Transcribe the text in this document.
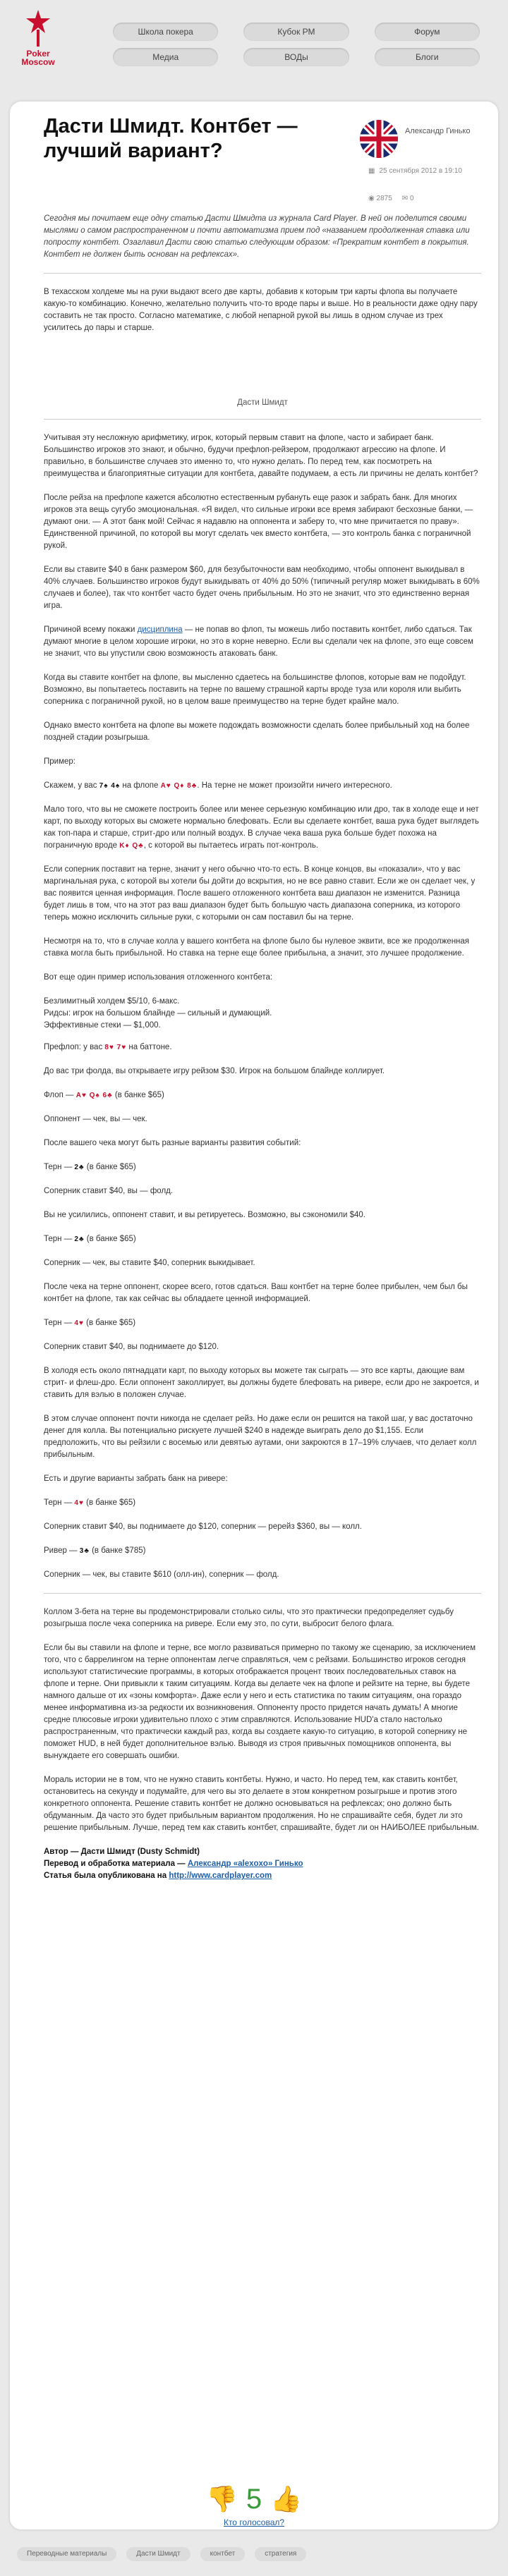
Poker
Moscow
Школа покера	Кубок РМ	Форум
Медиа	ВОДы	Блоги
Дасти Шмидт. Контбет — лучший вариант?
Александр Гинько
▦ 25 сентября 2012 в 19:10
◉ 2875 ✉ 0

Сегодня мы почитаем еще одну статью Дасти Шмидта из журнала Card Player. В ней он поделится своими мыслями о самом распространенном и почти автоматизма прием под «названием продолженная ставка или попросту контбет. Озаглавил Дасти свою статью следующим образом: «Прекратим контбет в покрытия. Контбет не должен быть основан на рефлексах».

В техасском холдеме мы на руки выдают всего две карты, добавив к которым три карты флопа вы получаете какую-то комбинацию. Конечно, желательно получить что-то вроде пары и выше. Но в реальности даже одну пару составить не так просто. Согласно математике, с любой непарной рукой вы лишь в одном случае из трех усилитесь до пары и старше.

Дасти Шмидт

Учитывая эту несложную арифметику, игрок, который первым ставит на флопе, часто и забирает банк. Большинство игроков это знают, и обычно, будучи префлоп-рейзером, продолжают агрессию на флопе. И правильно, в большинстве случаев это именно то, что нужно делать. По перед тем, как посмотреть на преимущества и благоприятные ситуации для контбета, давайте подумаем, а есть ли причины не делать контбет?

После рейза на префлопе кажется абсолютно естественным рубануть еще разок и забрать банк. Для многих игроков эта вещь сугубо эмоциональная. «Я видел, что сильные игроки все время забирают бесхозные банки, — думают они. — А этот банк мой! Сейчас я надавлю на оппонента и заберу то, что мне причитается по праву». Единственной причиной, по которой вы могут сделать чек вместо контбета, — это контроль банка с пограничной рукой.

Если вы ставите $40 в банк размером $60, для безубыточности вам необходимо, чтобы оппонент выкидывал в 40% случаев. Большинство игроков будут выкидывать от 40% до 50% (типичный регуляр может выкидывать в 60% случаев и более), так что контбет часто будет очень прибыльным. Но это не значит, что это единственно верная игра.

Причиной всему покажи дисциплина — не попав во флоп, ты можешь либо поставить контбет, либо сдаться. Так думают многие в целом хорошие игроки, но это в корне неверно. Если вы сделали чек на флопе, это еще совсем не значит, что вы упустили свою возможность атаковать банк.

Когда вы ставите контбет на флопе, вы мысленно сдаетесь на большинстве флопов, которые вам не подойдут. Возможно, вы попытаетесь поставить на терне по вашему страшной карты вроде туза или короля или выбить соперника с пограничной рукой, но в целом ваше преимущество на терне будет крайне мало.

Однако вместо контбета на флопе вы можете подождать возможности сделать более прибыльный ход на более поздней стадии розыгрыша.

Пример:

Скажем, у вас 7♠ 4♠ на флопе A♥ Q♦ 8♣. На терне не может произойти ничего интересного.

Мало того, что вы не сможете построить более или менее серьезную комбинацию или дро, так в холоде еще и нет карт, по выходу которых вы сможете нормально блефовать. Если вы сделаете контбет, ваша рука будет выглядеть как топ-пара и старше, стрит-дро или полный воздух. В случае чека ваша рука больше будет похожа на пограничную вроде K♦ Q♣, с которой вы пытаетесь играть пот-контроль.

Если соперник поставит на терне, значит у него обычно что-то есть. В конце концов, вы «показали», что у вас маргинальная рука, с которой вы хотели бы дойти до вскрытия, но не все равно ставит. Если же он сделает чек, у вас появится ценная информация. После вашего отложенного контбета ваш диапазон не изменится. Разница будет лишь в том, что на этот раз ваш диапазон будет быть большую часть диапазона соперника, из которого теперь можно исключить сильные руки, с которыми он сам поставил бы на терне.

Несмотря на то, что в случае колла у вашего контбета на флопе было бы нулевое эквити, все же продолженная ставка могла быть прибыльной. Но ставка на терне еще более прибыльна, а значит, это лучшее продолжение.

Вот еще один пример использования отложенного контбета:

Безлимитный холдем $5/10, 6-макс.
Ридсы: игрок на большом блайнде — сильный и думающий.
Эффективные стеки — $1,000.

Префлоп: у вас 8♥ 7♥ на баттоне.

До вас три фолда, вы открываете игру рейзом $30. Игрок на большом блайнде коллирует.

Флоп — A♥ Q♠ 6♣ (в банке $65)

Оппонент — чек, вы — чек.

После вашего чека могут быть разные варианты развития событий:

Терн — 2♣ (в банке $65)

Соперник ставит $40, вы — фолд.

Вы не усилились, оппонент ставит, и вы ретируетесь. Возможно, вы сэкономили $40.

Терн — 2♣ (в банке $65)

Соперник — чек, вы ставите $40, соперник выкидывает.

После чека на терне оппонент, скорее всего, готов сдаться. Ваш контбет на терне более прибылен, чем был бы контбет на флопе, так как сейчас вы обладаете ценной информацией.

Терн — 4♥ (в банке $65)

Соперник ставит $40, вы поднимаете до $120.

В холодя есть около пятнадцати карт, по выходу которых вы можете так сыграть — это все карты, дающие вам стрит- и флеш-дро. Если оппонент заколлирует, вы должны будете блефовать на ривере, если дро не закроется, и ставить для вэлью в положен случае.

В этом случае оппонент почти никогда не сделает рейз. Но даже если он решится на такой шаг, у вас достаточно денег для колла. Вы потенциально рискуете лучшей $240 в надежде выиграть дело до $1,155. Если предположить, что вы рейзили с восемью или девятью аутами, они закроются в 17–19% случаев, что делает колл прибыльным.

Есть и другие варианты забрать банк на ривере:

Терн — 4♥ (в банке $65)

Соперник ставит $40, вы поднимаете до $120, соперник — ререйз $360, вы — колл.

Ривер — 3♣ (в банке $785)

Соперник — чек, вы ставите $610 (олл-ин), соперник — фолд.

Коллом 3-бета на терне вы продемонстрировали столько силы, что это практически предопределяет судьбу розыгрыша после чека соперника на ривере. Если ему это, по сути, выбросит белого флага.

Если бы вы ставили на флопе и терне, все могло развиваться примерно по такому же сценарию, за исключением того, что с баррелингом на терне оппонентам легче справляться, чем с рейзами. Большинство игроков сегодня используют статистические программы, в которых отображается процент твоих последовательных ставок на флопе и терне. Они привыкли к таким ситуациям. Когда вы делаете чек на флопе и рейзите на терне, вы будете намного дальше от их «зоны комфорта». Даже если у него и есть статистика по таким ситуациям, она гораздо менее информативна из-за редкости их возникновения. Оппоненту просто придется начать думать! А многие средне плюсовые игроки удивительно плохо с этим справляются. Использование HUD'а стало настолько распространенным, что практически каждый раз, когда вы создаете какую-то ситуацию, в которой сопернику не поможет HUD, в ней будет дополнительное вэлью. Выводя из строя привычных помощников оппонента, вы вынуждаете его совершать ошибки.

Мораль истории не в том, что не нужно ставить контбеты. Нужно, и часто. Но перед тем, как ставить контбет, остановитесь на секунду и подумайте, для чего вы это делаете в этом конкретном розыгрыше и против этого конкретного оппонента. Решение ставить контбет не должно основываться на рефлексах; оно должно быть обдуманным. Да часто это будет прибыльным вариантом продолжения. Но не спрашивайте себя, будет ли это решение прибыльным. Лучше, перед тем как ставить контбет, спрашивайте, будет ли он НАИБОЛЕЕ прибыльным.

Автор — Дасти Шмидт (Dusty Schmidt)
Перевод и обработка материала — Александр «alexoxo» Гинько
Статья была опубликована на http://www.cardplayer.com
👎 5 👍
Кто голосовал?
Переводные материалы	Дасти Шмидт	контбет	стратегия
